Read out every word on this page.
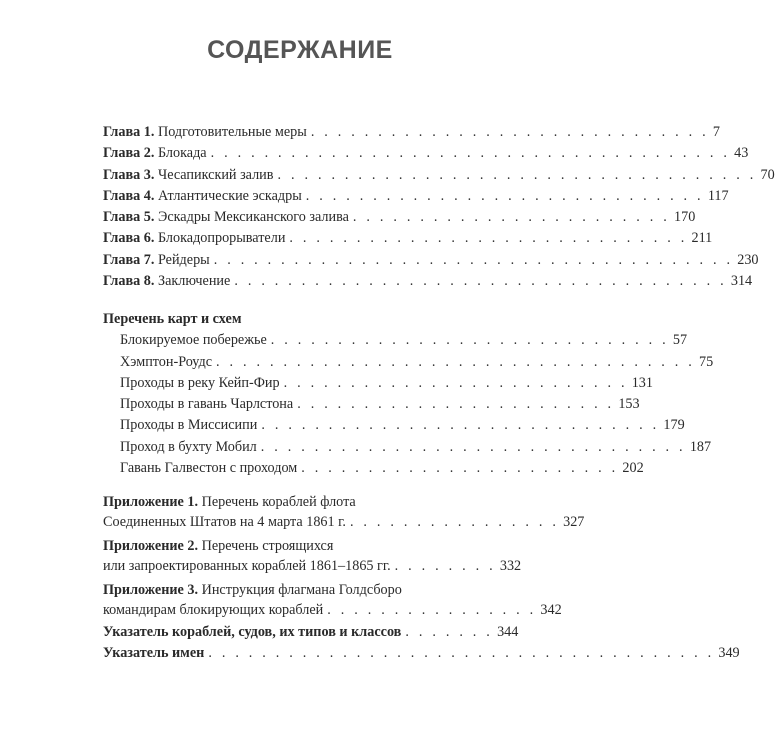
СОДЕРЖАНИЕ
Глава 1. Подготовительные меры . . . . . . . . . . . . . . . . . . . . . . . . . . . . . . 7
Глава 2. Блокада . . . . . . . . . . . . . . . . . . . . . . . . . . . . . . . . . . . . . . . 43
Глава 3. Чесапикский залив . . . . . . . . . . . . . . . . . . . . . . . . . . . . . . . . . . . . 70
Глава 4. Атлантические эскадры . . . . . . . . . . . . . . . . . . . . . . . . . . . . . . 117
Глава 5. Эскадры Мексиканского залива . . . . . . . . . . . . . . . . . . . . . . . . 170
Глава 6. Блокадопрорыватели . . . . . . . . . . . . . . . . . . . . . . . . . . . . . . 211
Глава 7. Рейдеры . . . . . . . . . . . . . . . . . . . . . . . . . . . . . . . . . . . . . . . 230
Глава 8. Заключение . . . . . . . . . . . . . . . . . . . . . . . . . . . . . . . . . . . . . 314
Перечень карт и схем
Блокируемое побережье . . . . . . . . . . . . . . . . . . . . . . . . . . . . . . 57
Хэмптон-Роудс . . . . . . . . . . . . . . . . . . . . . . . . . . . . . . . . . . . . 75
Проходы в реку Кейп-Фир . . . . . . . . . . . . . . . . . . . . . . . . . . 131
Проходы в гавань Чарлстона . . . . . . . . . . . . . . . . . . . . . . . . 153
Проходы в Миссисипи . . . . . . . . . . . . . . . . . . . . . . . . . . . . . . 179
Проход в бухту Мобил . . . . . . . . . . . . . . . . . . . . . . . . . . . . . . . . 187
Гавань Галвестон с проходом . . . . . . . . . . . . . . . . . . . . . . . . 202
Приложение 1. Перечень кораблей флота
Соединенных Штатов на 4 марта 1861 г. . . . . . . . . . . . . . . . . 327
Приложение 2. Перечень строящихся
или запроектированных кораблей 1861–1865 гг. . . . . . . . . 332
Приложение 3. Инструкция флагмана Голдсборо
командирам блокирующих кораблей . . . . . . . . . . . . . . . . 342
Указатель кораблей, судов, их типов и классов . . . . . . . 344
Указатель имен . . . . . . . . . . . . . . . . . . . . . . . . . . . . . . . . . . . . . . 349
